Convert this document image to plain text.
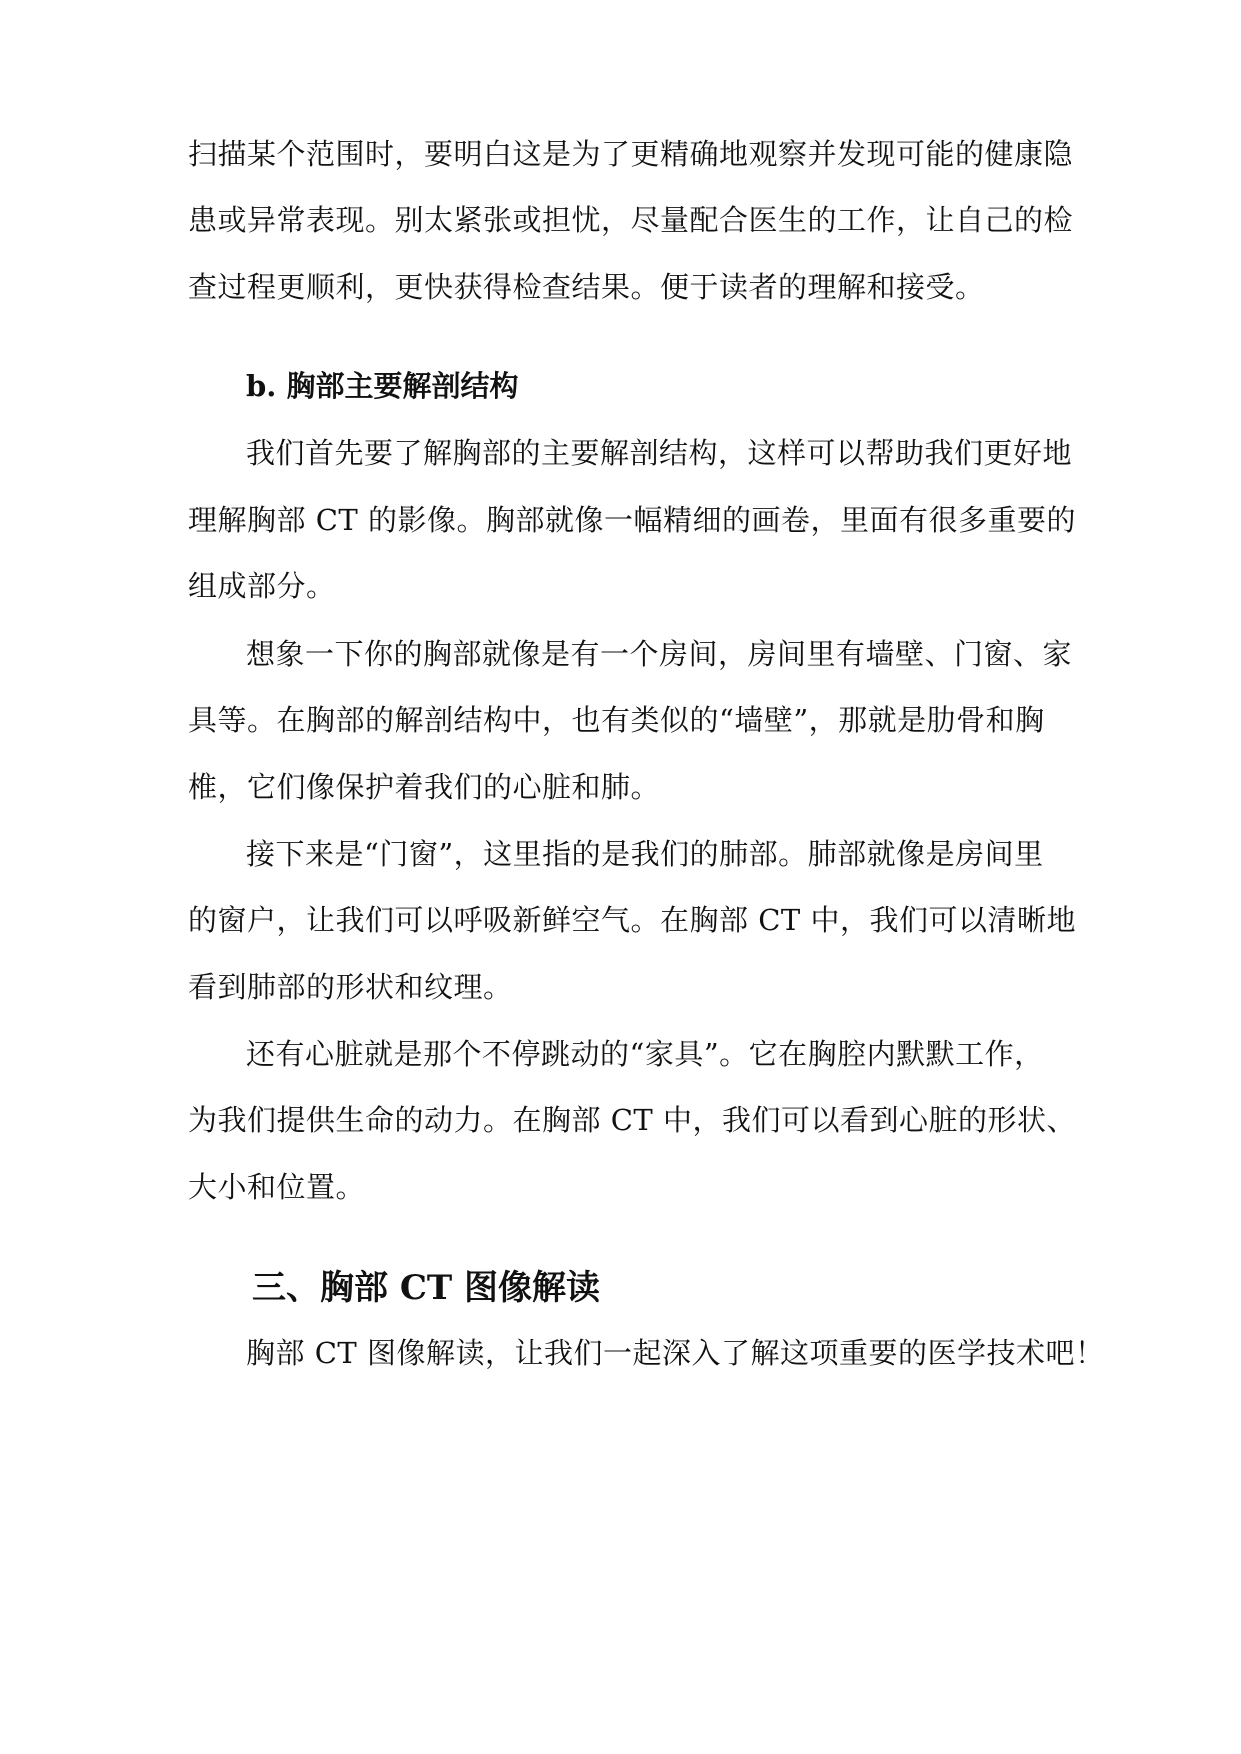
扫描某个范围时，要明白这是为了更精确地观察并发现可能的健康隐
患或异常表现。别太紧张或担忧，尽量配合医生的工作，让自己的检
查过程更顺利，更快获得检查结果。便于读者的理解和接受。
b. 胸部主要解剖结构
我们首先要了解胸部的主要解剖结构，这样可以帮助我们更好地
理解胸部 CT 的影像。胸部就像一幅精细的画卷，里面有很多重要的
组成部分。
想象一下你的胸部就像是有一个房间，房间里有墙壁、门窗、家
具等。在胸部的解剖结构中，也有类似的“墙壁”，那就是肋骨和胸
椎，它们像保护着我们的心脏和肺。
接下来是“门窗”，这里指的是我们的肺部。肺部就像是房间里
的窗户，让我们可以呼吸新鲜空气。在胸部 CT 中，我们可以清晰地
看到肺部的形状和纹理。
还有心脏就是那个不停跳动的“家具”。它在胸腔内默默工作，
为我们提供生命的动力。在胸部 CT 中，我们可以看到心脏的形状、
大小和位置。
三、胸部 CT 图像解读
胸部 CT 图像解读，让我们一起深入了解这项重要的医学技术吧！
